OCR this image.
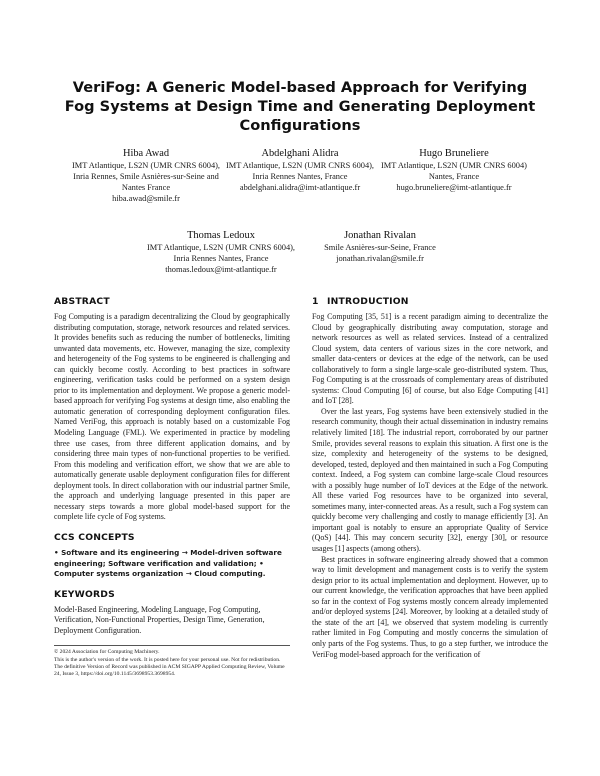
VeriFog: A Generic Model-based Approach for Verifying Fog Systems at Design Time and Generating Deployment Configurations
Hiba Awad
IMT Atlantique, LS2N (UMR CNRS 6004), Inria Rennes, Smile Asnières-sur-Seine and Nantes France
hiba.awad@smile.fr
Abdelghani Alidra
IMT Atlantique, LS2N (UMR CNRS 6004), Inria Rennes Nantes, France
abdelghani.alidra@imt-atlantique.fr
Hugo Bruneliere
IMT Atlantique, LS2N (UMR CNRS 6004) Nantes, France
hugo.bruneliere@imt-atlantique.fr
Thomas Ledoux
IMT Atlantique, LS2N (UMR CNRS 6004), Inria Rennes Nantes, France
thomas.ledoux@imt-atlantique.fr
Jonathan Rivalan
Smile Asnières-sur-Seine, France
jonathan.rivalan@smile.fr
ABSTRACT

Fog Computing is a paradigm decentralizing the Cloud by geographically distributing computation, storage, network resources and related services. It provides benefits such as reducing the number of bottlenecks, limiting unwanted data movements, etc. However, managing the size, complexity and heterogeneity of the Fog systems to be engineered is challenging and can quickly become costly. According to best practices in software engineering, verification tasks could be performed on a system design prior to its implementation and deployment. We propose a generic model-based approach for verifying Fog systems at design time, also enabling the automatic generation of corresponding deployment configuration files. Named VeriFog, this approach is notably based on a customizable Fog Modeling Language (FML). We experimented in practice by modeling three use cases, from three different application domains, and by considering three main types of non-functional properties to be verified. From this modeling and verification effort, we show that we are able to automatically generate usable deployment configuration files for different deployment tools. In direct collaboration with our industrial partner Smile, the approach and underlying language presented in this paper are necessary steps towards a more global model-based support for the complete life cycle of Fog systems.

CCS CONCEPTS

• Software and its engineering → Model-driven software engineering; Software verification and validation; • Computer systems organization → Cloud computing.

KEYWORDS

Model-Based Engineering, Modeling Language, Fog Computing, Verification, Non-Functional Properties, Design Time, Generation, Deployment Configuration.

© 2024 Association for Computing Machinery.
This is the author's version of the work. It is posted here for your personal use. Not for redistribution. The definitive Version of Record was published in ACM SIGAPP Applied Computing Review, Volume 24, Issue 3, https://doi.org/10.1145/3698953.3698954.
1 INTRODUCTION

Fog Computing [35, 51] is a recent paradigm aiming to decentralize the Cloud by geographically distributing away computation, storage and network resources as well as related services. Instead of a centralized Cloud system, data centers of various sizes in the core network, and smaller data-centers or devices at the edge of the network, can be used collaboratively to form a single large-scale geo-distributed system. Thus, Fog Computing is at the crossroads of complementary areas of distributed systems: Cloud Computing [6] of course, but also Edge Computing [41] and IoT [28].

Over the last years, Fog systems have been extensively studied in the research community, though their actual dissemination in industry remains relatively limited [18]. The industrial report, corroborated by our partner Smile, provides several reasons to explain this situation. A first one is the size, complexity and heterogeneity of the systems to be designed, developed, tested, deployed and then maintained in such a Fog Computing context. Indeed, a Fog system can combine large-scale Cloud resources with a possibly huge number of IoT devices at the Edge of the network. All these varied Fog resources have to be organized into several, sometimes many, inter-connected areas. As a result, such a Fog system can quickly become very challenging and costly to manage efficiently [3]. An important goal is notably to ensure an appropriate Quality of Service (QoS) [44]. This may concern security [32], energy [30], or resource usages [1] aspects (among others).

Best practices in software engineering already showed that a common way to limit development and management costs is to verify the system design prior to its actual implementation and deployment. However, up to our current knowledge, the verification approaches that have been applied so far in the context of Fog systems mostly concern already implemented and/or deployed systems [24]. Moreover, by looking at a detailed study of the state of the art [4], we observed that system modeling is currently rather limited in Fog Computing and mostly concerns the simulation of only parts of the Fog systems. Thus, to go a step further, we introduce the VeriFog model-based approach for the verification of
